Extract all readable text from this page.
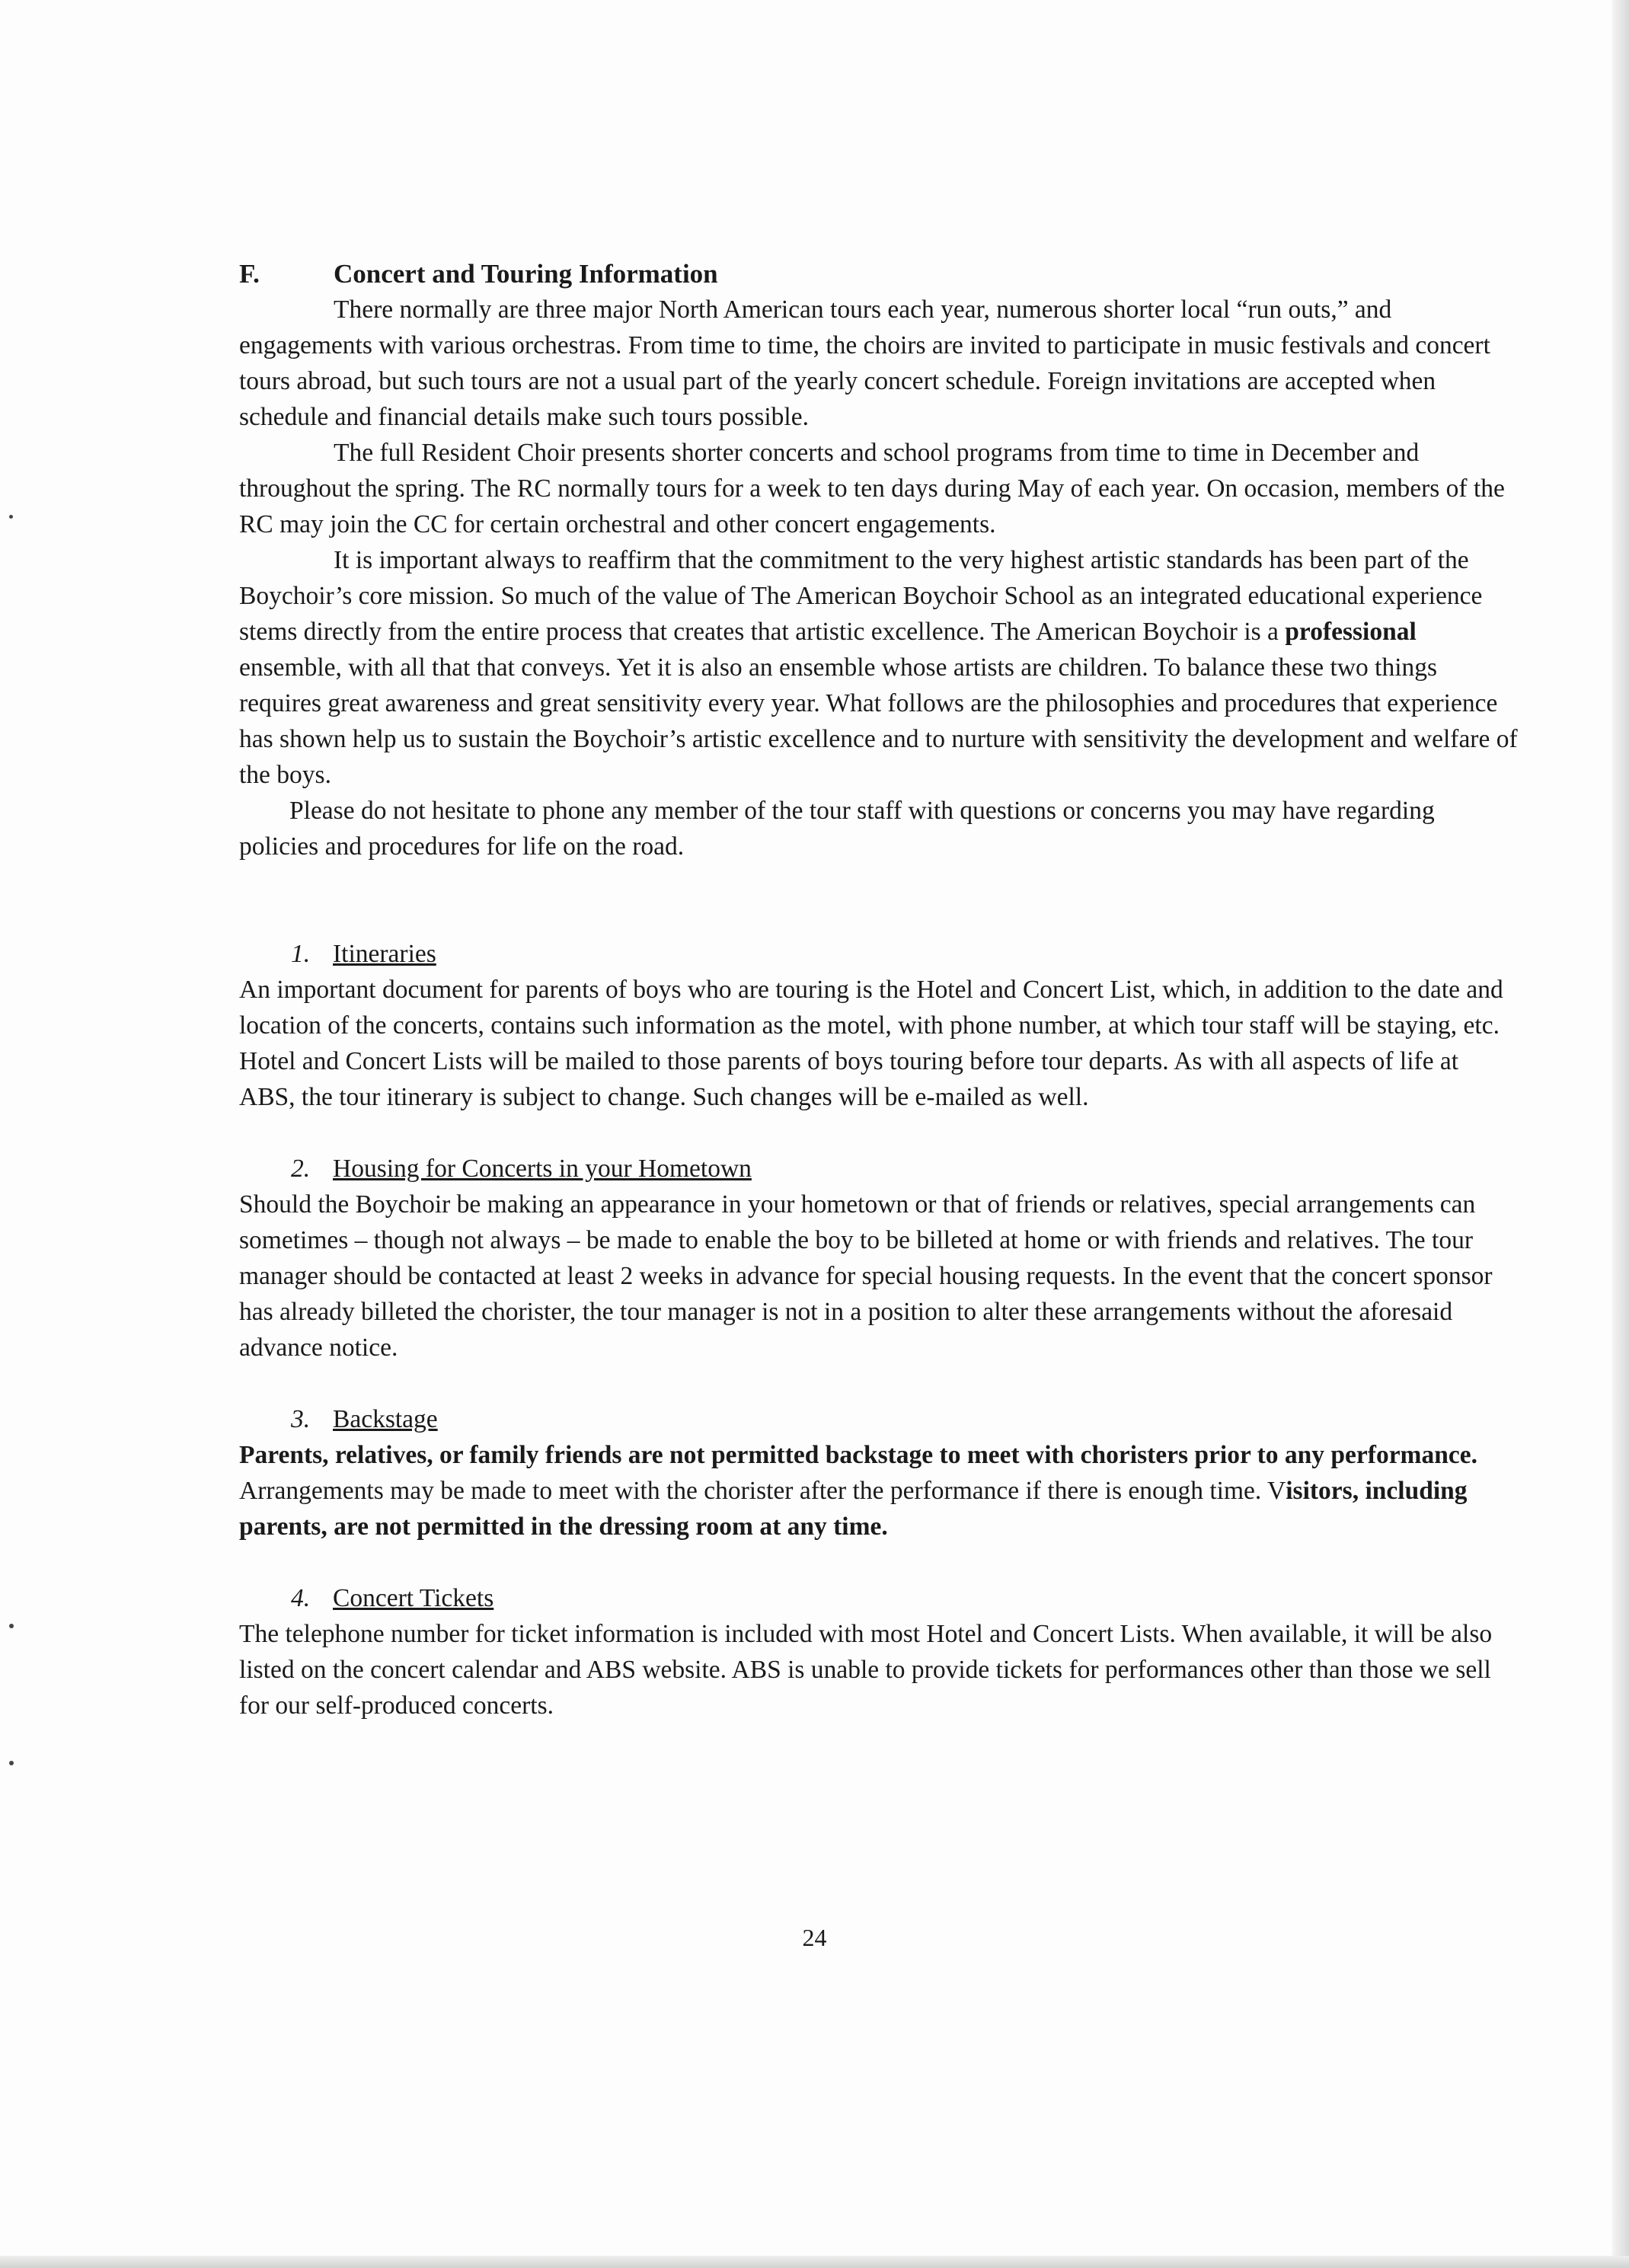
F.	Concert and Touring Information

There normally are three major North American tours each year, numerous shorter local “run outs,” and engagements with various orchestras. From time to time, the choirs are invited to participate in music festivals and concert tours abroad, but such tours are not a usual part of the yearly concert schedule. Foreign invitations are accepted when schedule and financial details make such tours possible.

The full Resident Choir presents shorter concerts and school programs from time to time in December and throughout the spring. The RC normally tours for a week to ten days during May of each year. On occasion, members of the RC may join the CC for certain orchestral and other concert engagements.

It is important always to reaffirm that the commitment to the very highest artistic standards has been part of the Boychoir’s core mission. So much of the value of The American Boychoir School as an integrated educational experience stems directly from the entire process that creates that artistic excellence. The American Boychoir is a professional ensemble, with all that that conveys. Yet it is also an ensemble whose artists are children. To balance these two things requires great awareness and great sensitivity every year. What follows are the philosophies and procedures that experience has shown help us to sustain the Boychoir’s artistic excellence and to nurture with sensitivity the development and welfare of the boys.

Please do not hesitate to phone any member of the tour staff with questions or concerns you may have regarding policies and procedures for life on the road.

1. Itineraries

An important document for parents of boys who are touring is the Hotel and Concert List, which, in addition to the date and location of the concerts, contains such information as the motel, with phone number, at which tour staff will be staying, etc. Hotel and Concert Lists will be mailed to those parents of boys touring before tour departs. As with all aspects of life at ABS, the tour itinerary is subject to change. Such changes will be e-mailed as well.

2. Housing for Concerts in your Hometown

Should the Boychoir be making an appearance in your hometown or that of friends or relatives, special arrangements can sometimes – though not always – be made to enable the boy to be billeted at home or with friends and relatives. The tour manager should be contacted at least 2 weeks in advance for special housing requests. In the event that the concert sponsor has already billeted the chorister, the tour manager is not in a position to alter these arrangements without the aforesaid advance notice.

3. Backstage

Parents, relatives, or family friends are not permitted backstage to meet with choristers prior to any performance. Arrangements may be made to meet with the chorister after the performance if there is enough time. Visitors, including parents, are not permitted in the dressing room at any time.

4. Concert Tickets

The telephone number for ticket information is included with most Hotel and Concert Lists. When available, it will be also listed on the concert calendar and ABS website. ABS is unable to provide tickets for performances other than those we sell for our self-produced concerts.

24
